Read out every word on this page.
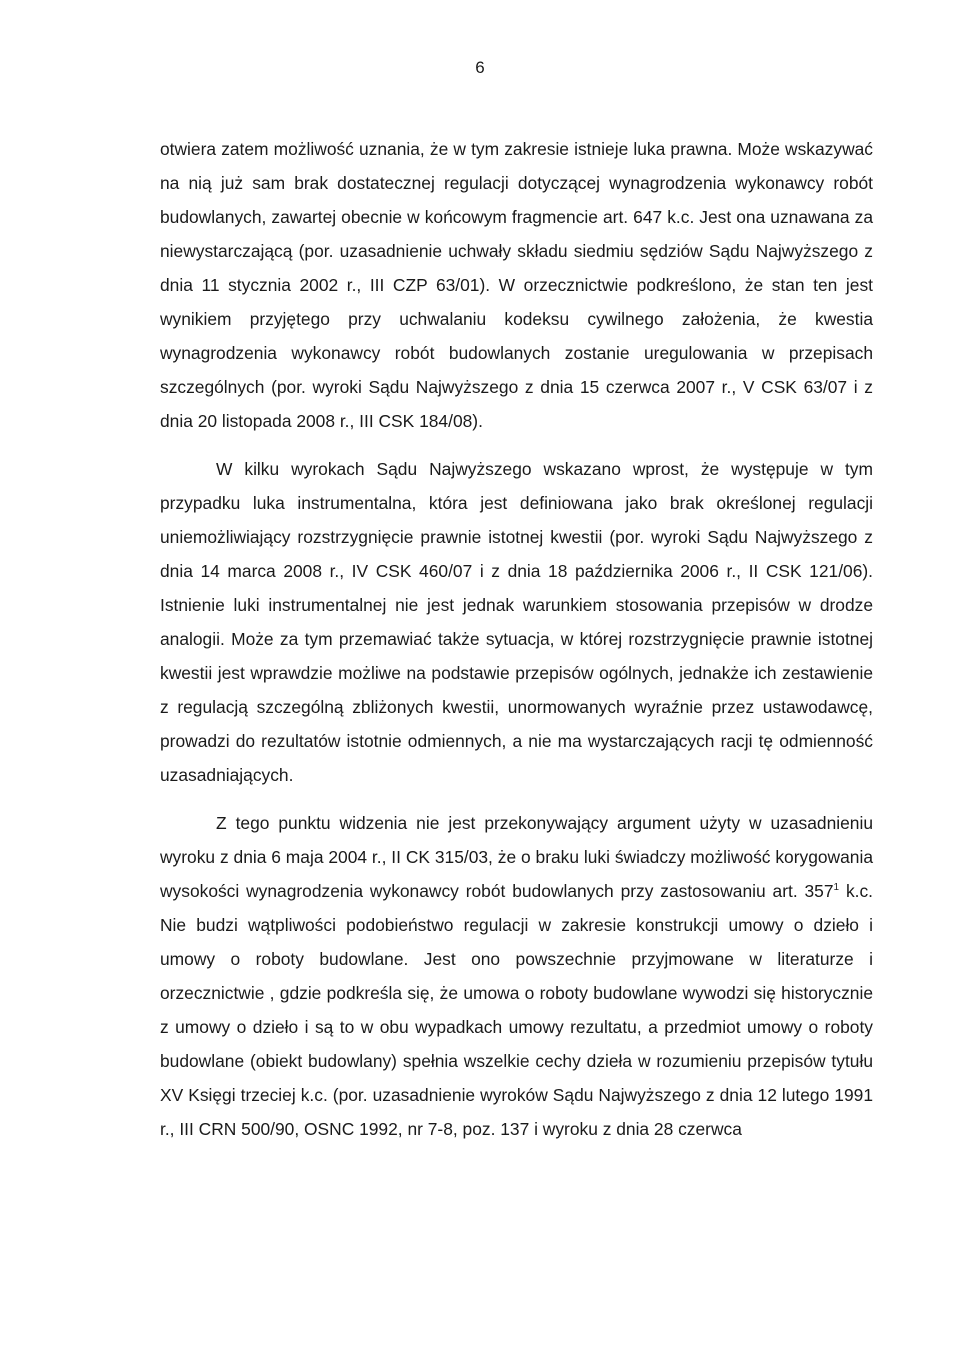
6

otwiera zatem możliwość uznania, że w tym zakresie istnieje luka prawna. Może wskazywać na nią już sam brak dostatecznej regulacji dotyczącej wynagrodzenia wykonawcy robót budowlanych, zawartej obecnie w końcowym fragmencie art. 647 k.c. Jest ona uznawana za niewystarczającą (por. uzasadnienie uchwały składu siedmiu sędziów Sądu Najwyższego z dnia 11 stycznia 2002 r., III CZP 63/01). W orzecznictwie podkreślono, że stan ten jest wynikiem przyjętego przy uchwalaniu kodeksu cywilnego założenia, że kwestia wynagrodzenia wykonawcy robót budowlanych zostanie uregulowania w przepisach szczególnych (por. wyroki Sądu Najwyższego z dnia 15 czerwca 2007 r., V CSK 63/07 i z dnia 20 listopada 2008 r., III CSK 184/08).

W kilku wyrokach Sądu Najwyższego wskazano wprost, że występuje w tym przypadku luka instrumentalna, która jest definiowana jako brak określonej regulacji uniemożliwiający rozstrzygnięcie prawnie istotnej kwestii (por. wyroki Sądu Najwyższego z dnia 14 marca 2008 r., IV CSK 460/07 i z dnia 18 października 2006 r., II CSK 121/06). Istnienie luki instrumentalnej nie jest jednak warunkiem stosowania przepisów w drodze analogii. Może za tym przemawiać także sytuacja, w której rozstrzygnięcie prawnie istotnej kwestii jest wprawdzie możliwe na podstawie przepisów ogólnych, jednakże ich zestawienie z regulacją szczególną zbliżonych kwestii, unormowanych wyraźnie przez ustawodawcę, prowadzi do rezultatów istotnie odmiennych, a nie ma wystarczających racji tę odmienność uzasadniających.

Z tego punktu widzenia nie jest przekonywający argument użyty w uzasadnieniu wyroku z dnia 6 maja 2004 r., II CK 315/03, że o braku luki świadczy możliwość korygowania wysokości wynagrodzenia wykonawcy robót budowlanych przy zastosowaniu art. $357^1$ k.c. Nie budzi wątpliwości podobieństwo regulacji w zakresie konstrukcji umowy o dzieło i umowy o roboty budowlane. Jest ono powszechnie przyjmowane w literaturze i orzecznictwie , gdzie podkreśla się, że umowa o roboty budowlane wywodzi się historycznie z umowy o dzieło i są to w obu wypadkach umowy rezultatu, a przedmiot umowy o roboty budowlane (obiekt budowlany) spełnia wszelkie cechy dzieła w rozumieniu przepisów tytułu XV Księgi trzeciej k.c. (por. uzasadnienie wyroków Sądu Najwyższego z dnia 12 lutego 1991 r., III CRN 500/90, OSNC 1992, nr 7-8, poz. 137 i wyroku z dnia 28 czerwca
